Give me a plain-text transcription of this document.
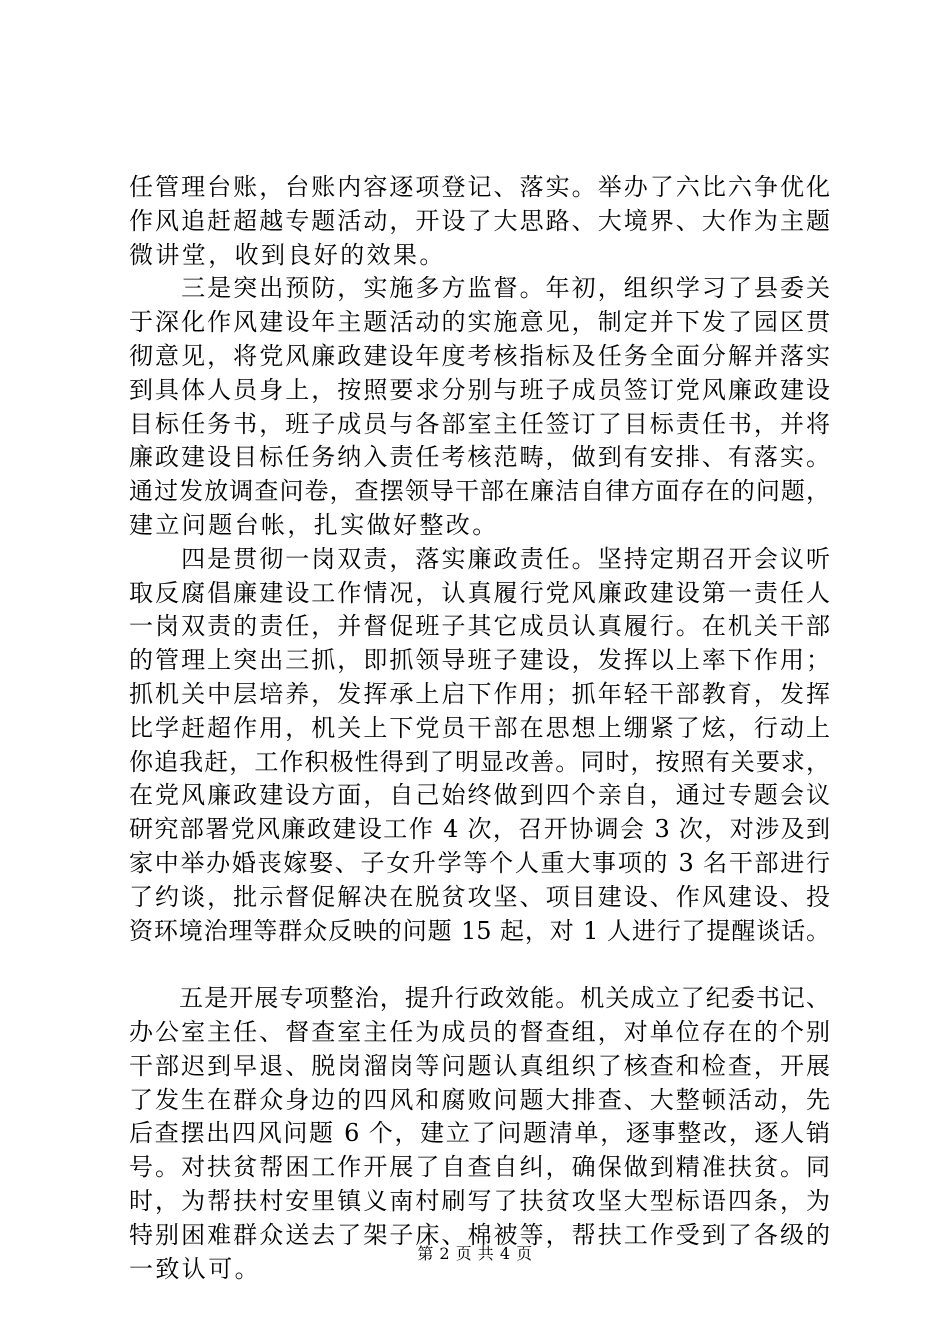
任管理台账，台账内容逐项登记、落实。举办了六比六争优化
作风追赶超越专题活动，开设了大思路、大境界、大作为主题
微讲堂，收到良好的效果。
　　三是突出预防，实施多方监督。年初，组织学习了县委关
于深化作风建设年主题活动的实施意见，制定并下发了园区贯
彻意见，将党风廉政建设年度考核指标及任务全面分解并落实
到具体人员身上，按照要求分别与班子成员签订党风廉政建设
目标任务书，班子成员与各部室主任签订了目标责任书，并将
廉政建设目标任务纳入责任考核范畴，做到有安排、有落实。
通过发放调查问卷，查摆领导干部在廉洁自律方面存在的问题，
建立问题台帐，扎实做好整改。
　　四是贯彻一岗双责，落实廉政责任。坚持定期召开会议听
取反腐倡廉建设工作情况，认真履行党风廉政建设第一责任人
一岗双责的责任，并督促班子其它成员认真履行。在机关干部
的管理上突出三抓，即抓领导班子建设，发挥以上率下作用；
抓机关中层培养，发挥承上启下作用；抓年轻干部教育，发挥
比学赶超作用，机关上下党员干部在思想上绷紧了炫，行动上
你追我赶，工作积极性得到了明显改善。同时，按照有关要求，
在党风廉政建设方面，自己始终做到四个亲自，通过专题会议
研究部署党风廉政建设工作 4 次，召开协调会 3 次，对涉及到
家中举办婚丧嫁娶、子女升学等个人重大事项的 3 名干部进行
了约谈，批示督促解决在脱贫攻坚、项目建设、作风建设、投
资环境治理等群众反映的问题 15 起，对 1 人进行了提醒谈话。
　　五是开展专项整治，提升行政效能。机关成立了纪委书记、
办公室主任、督查室主任为成员的督查组，对单位存在的个别
干部迟到早退、脱岗溜岗等问题认真组织了核查和检查，开展
了发生在群众身边的四风和腐败问题大排查、大整顿活动，先
后查摆出四风问题 6 个，建立了问题清单，逐事整改，逐人销
号。对扶贫帮困工作开展了自查自纠，确保做到精准扶贫。同
时，为帮扶村安里镇义南村刷写了扶贫攻坚大型标语四条，为
特别困难群众送去了架子床、棉被等，帮扶工作受到了各级的
一致认可。
第 2 页 共 4 页
